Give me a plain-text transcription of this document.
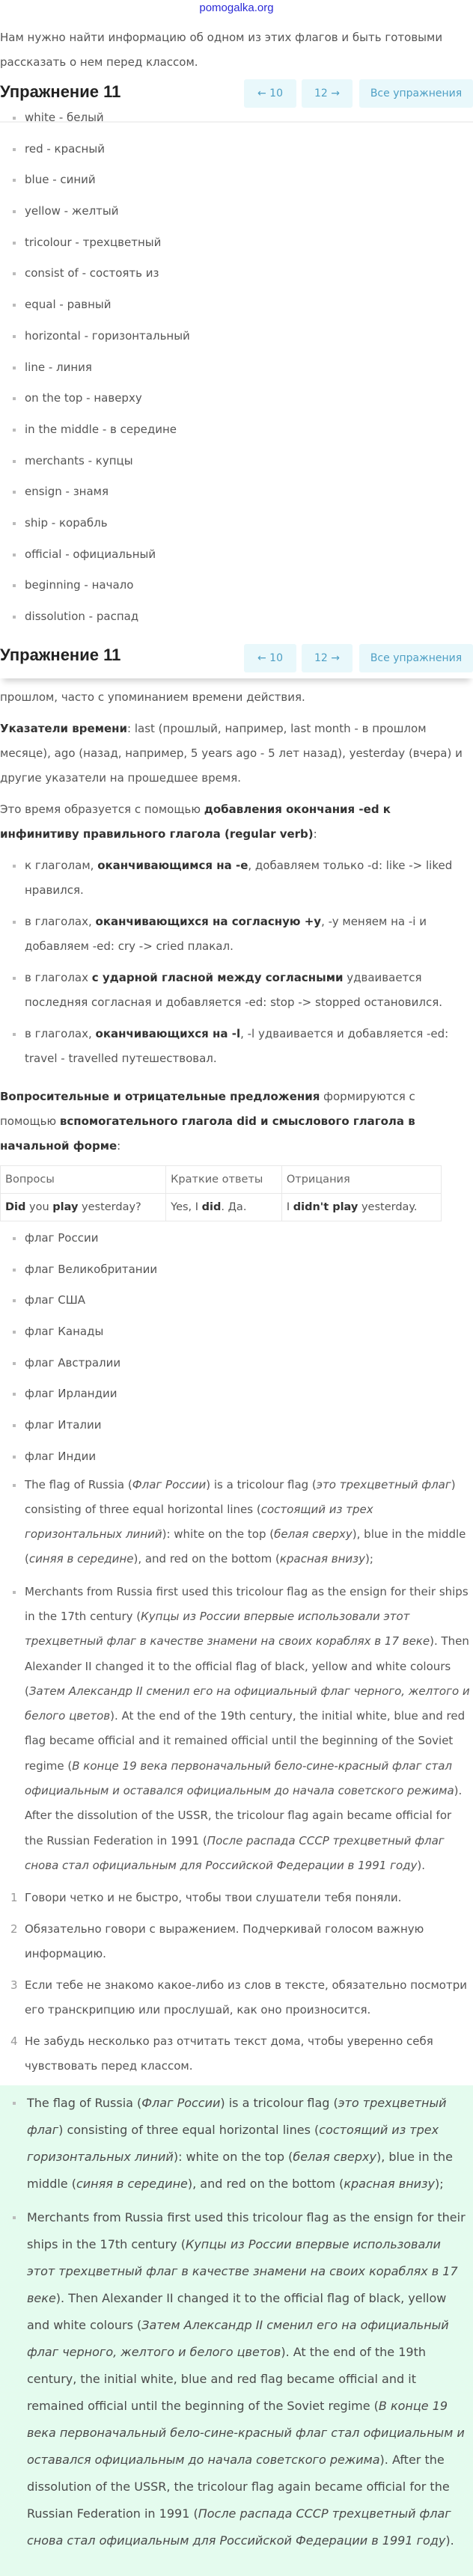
pomogalka.org

Нам нужно найти информацию об одном из этих флагов и быть готовыми рассказать о нем перед классом.

Упражнение 11	← 10	12 →	Все упражнения
white - белый
red - красный
blue - синий
yellow - желтый
tricolour - трехцветный
consist of - состоять из
equal - равный
horizontal - горизонтальный
line - линия
on the top - наверху
in the middle - в середине
merchants - купцы
ensign - знамя
ship - корабль
official - официальный
beginning - начало
dissolution - распад
Упражнение 11	← 10	12 →	Все упражнения

прошлом, часто с упоминанием времени действия.

Указатели времени: last (прошлый, например, last month - в прошлом месяце), ago (назад, например, 5 years ago - 5 лет назад), yesterday (вчера) и другие указатели на прошедшее время.

Это время образуется с помощью добавления окончания -ed к инфинитиву правильного глагола (regular verb):

к глаголам, оканчивающимся на -е, добавляем только -d: like -> liked нравился.
в глаголах, оканчивающихся на согласную +y, -y меняем на -i и добавляем -ed: cry -> cried плакал.
в глаголах с ударной гласной между согласными удваивается последняя согласная и добавляется -ed: stop -> stopped остановился.
в глаголах, оканчивающихся на -l, -l удваивается и добавляется -ed: travel - travelled путешествовал.

Вопросительные и отрицательные предложения формируются с помощью вспомогательного глагола did и смыслового глагола в начальной форме:

Вопросы	Краткие ответы	Отрицания
Did you play yesterday?	Yes, I did. Да.	I didn't play yesterday.
флаг России
флаг Великобритании
флаг США
флаг Канады
флаг Австралии
флаг Ирландии
флаг Италии
флаг Индии
The flag of Russia (Флаг России) is a tricolour flag (это трехцветный флаг) consisting of three equal horizontal lines (состоящий из трех горизонтальных линий): white on the top (белая сверху), blue in the middle (синяя в середине), and red on the bottom (красная внизу);
Merchants from Russia first used this tricolour flag as the ensign for their ships in the 17th century (Купцы из России впервые использовали этот трехцветный флаг в качестве знамени на своих кораблях в 17 веке). Then Alexander II changed it to the official flag of black, yellow and white colours (Затем Александр II сменил его на официальный флаг черного, желтого и белого цветов). At the end of the 19th century, the initial white, blue and red flag became official and it remained official until the beginning of the Soviet regime (В конце 19 века первоначальный бело-сине-красный флаг стал официальным и оставался официальным до начала советского режима). After the dissolution of the USSR, the tricolour flag again became official for the Russian Federation in 1991 (После распада СССР трехцветный флаг снова стал официальным для Российской Федерации в 1991 году).
1 Говори четко и не быстро, чтобы твои слушатели тебя поняли.
2 Обязательно говори с выражением. Подчеркивай голосом важную информацию.
3 Если тебе не знакомо какое-либо из слов в тексте, обязательно посмотри его транскрипцию или прослушай, как оно произносится.
4 Не забудь несколько раз отчитать текст дома, чтобы уверенно себя чувствовать перед классом.
The flag of Russia (Флаг России) is a tricolour flag (это трехцветный флаг) consisting of three equal horizontal lines (состоящий из трех горизонтальных линий): white on the top (белая сверху), blue in the middle (синяя в середине), and red on the bottom (красная внизу);
Merchants from Russia first used this tricolour flag as the ensign for their ships in the 17th century (Купцы из России впервые использовали этот трехцветный флаг в качестве знамени на своих кораблях в 17 веке). Then Alexander II changed it to the official flag of black, yellow and white colours (Затем Александр II сменил его на официальный флаг черного, желтого и белого цветов). At the end of the 19th century, the initial white, blue and red flag became official and it remained official until the beginning of the Soviet regime (В конце 19 века первоначальный бело-сине-красный флаг стал официальным и оставался официальным до начала советского режима). After the dissolution of the USSR, the tricolour flag again became official for the Russian Federation in 1991 (После распада СССР трехцветный флаг снова стал официальным для Российской Федерации в 1991 году).
